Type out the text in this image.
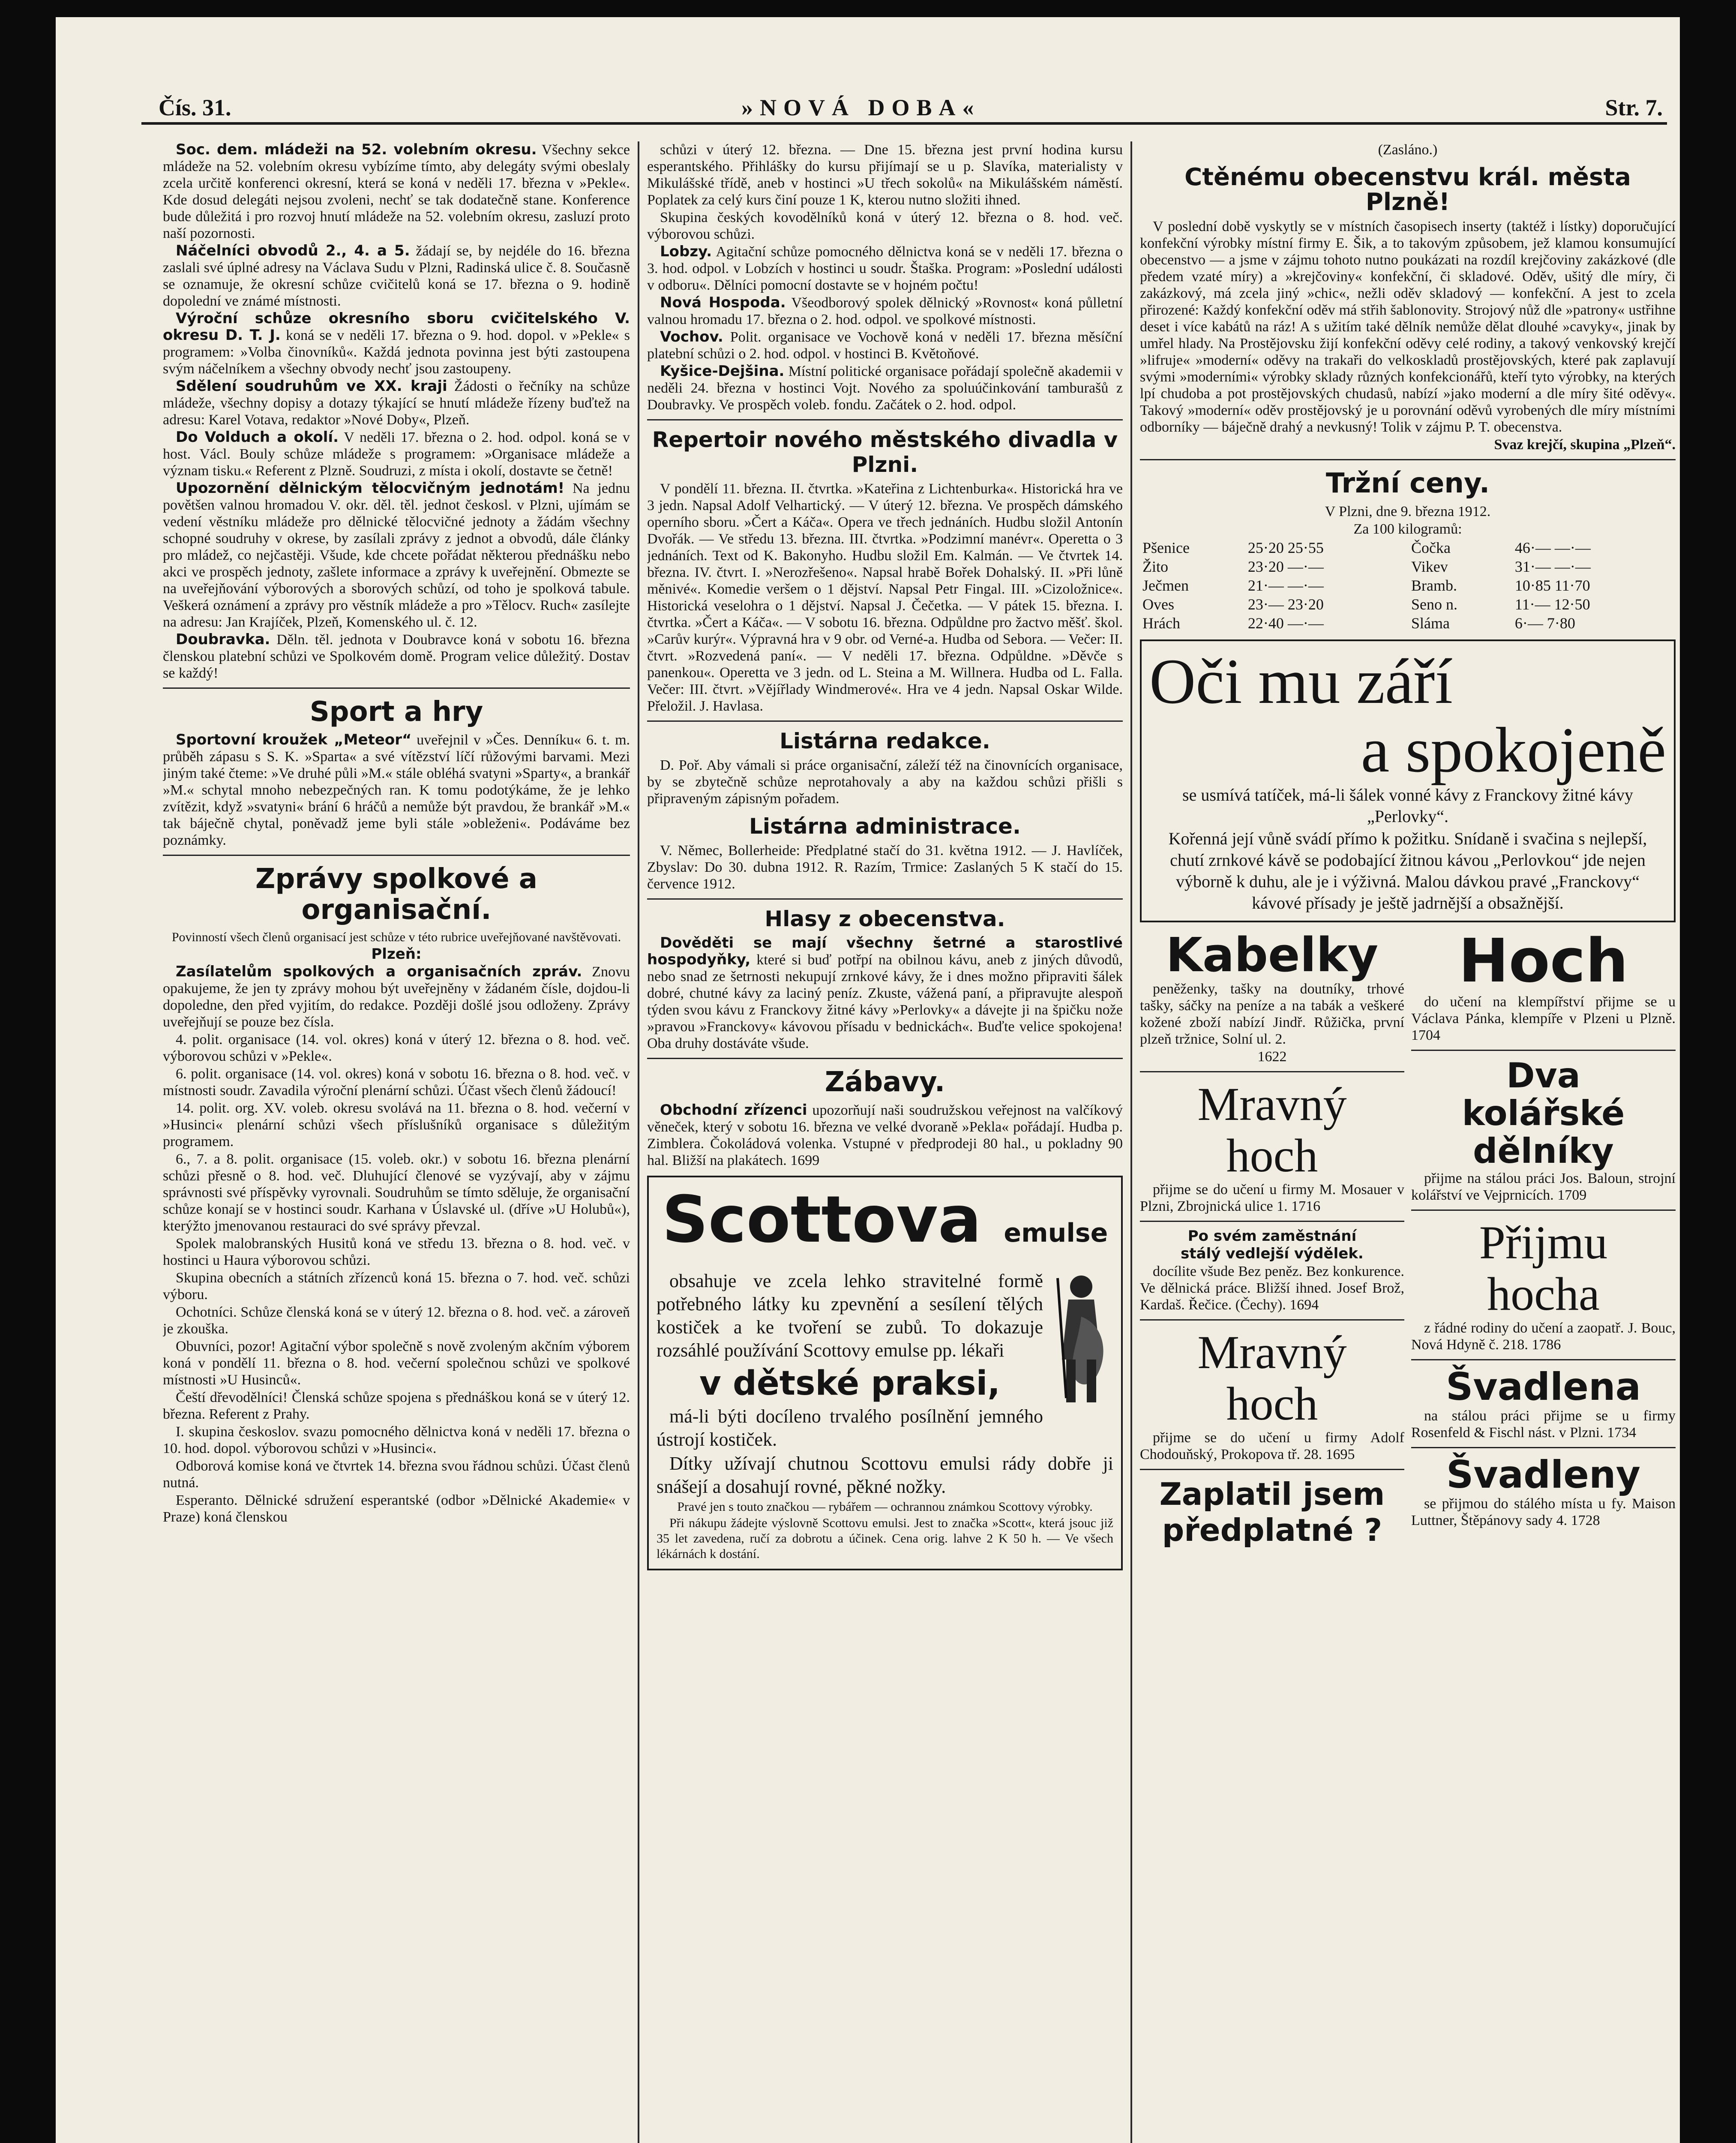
Čís. 31.	»NOVÁ DOBA«	Str. 7.

Soc. dem. mládeži na 52. volebním okresu. Všechny sekce mládeže na 52. volebním okresu vybízíme tímto, aby delegáty svými obeslaly zcela určitě konferenci okresní, která se koná v neděli 17. března v »Pekle«. Kde dosud delegáti nejsou zvoleni, nechť se tak dodatečně stane. Konference bude důležitá i pro rozvoj hnutí mládeže na 52. volebním okresu, zasluzí proto naší pozornosti.

Náčelníci obvodů 2., 4. a 5. žádají se, by nejdéle do 16. března zaslali své úplné adresy na Václava Sudu v Plzni, Radinská ulice č. 8. Současně se oznamuje, že okresní schůze cvičitelů koná se 17. března o 9. hodině dopolední ve známé místnosti.

Výroční schůze okresního sboru cvičitelského V. okresu D. T. J. koná se v neděli 17. března o 9. hod. dopol. v »Pekle« s programem: »Volba činovníků«. Každá jednota povinna jest býti zastoupena svým náčelníkem a všechny obvody nechť jsou zastoupeny.

Sdělení soudruhům ve XX. kraji Žádosti o řečníky na schůze mládeže, všechny dopisy a dotazy týkající se hnutí mládeže řízeny buďtež na adresu: Karel Votava, redaktor »Nové Doby«, Plzeň.

Do Volduch a okolí. V neděli 17. března o 2. hod. odpol. koná se v host. Václ. Bouly schůze mládeže s programem: »Organisace mládeže a význam tisku.« Referent z Plzně. Soudruzi, z místa i okolí, dostavte se četně!

Upozornění dělnickým tělocvičným jednotám! Na jednu povětšen valnou hromadou V. okr. děl. těl. jednot českosl. v Plzni, ujímám se vedení věstníku mládeže pro dělnické tělocvičné jednoty a žádám všechny schopné soudruhy v okrese, by zasílali zprávy z jednot a obvodů, dále články pro mládež, co nejčastěji. Všude, kde chcete pořádat některou přednášku nebo akci ve prospěch jednoty, zašlete informace a zprávy k uveřejnění. Obmezte se na uveřejňování výborových a sborových schůzí, od toho je spolková tabule. Veškerá oznámení a zprávy pro věstník mládeže a pro »Tělocv. Ruch« zasílejte na adresu: Jan Krajíček, Plzeň, Komenského ul. č. 12.

Doubravka. Děln. těl. jednota v Doubravce koná v sobotu 16. března členskou platební schůzi ve Spolkovém domě. Program velice důležitý. Dostav se každý!

Sport a hry

Sportovní kroužek „Meteor“ uveřejnil v »Čes. Denníku« 6. t. m. průběh zápasu s S. K. »Sparta« a své vítězství líčí růžovými barvami. Mezi jiným také čteme: »Ve druhé půli »M.« stále obléhá svatyni »Sparty«, a brankář »M.« schytal mnoho nebezpečných ran. K tomu podotýkáme, že je lehko zvítězit, když »svatyni« brání 6 hráčů a nemůže být pravdou, že brankář »M.« tak báječně chytal, poněvadž jeme byli stále »obleženi«. Podáváme bez poznámky.

Zprávy spolkové a organisační.

Povinností všech členů organisací jest schůze v této rubrice uveřejňované navštěvovati.

Plzeň:

Zasílatelům spolkových a organisačních zpráv. Znovu opakujeme, že jen ty zprávy mohou být uveřejněny v žádaném čísle, dojdou-li dopoledne, den před vyjitím, do redakce. Později došlé jsou odloženy. Zprávy uveřejňují se pouze bez čísla.

4. polit. organisace (14. vol. okres) koná v úterý 12. března o 8. hod. več. výborovou schůzi v »Pekle«.

6. polit. organisace (14. vol. okres) koná v sobotu 16. března o 8. hod. več. v místnosti soudr. Zavadila výroční plenární schůzi. Účast všech členů žádoucí!

14. polit. org. XV. voleb. okresu svolává na 11. března o 8. hod. večerní v »Husinci« plenární schůzi všech příslušníků organisace s důležitým programem.

6., 7. a 8. polit. organisace (15. voleb. okr.) v sobotu 16. března plenární schůzi přesně o 8. hod. več. Dluhující členové se vyzývají, aby v zájmu správnosti své příspěvky vyrovnali. Soudruhům se tímto sděluje, že organisační schůze konají se v hostinci soudr. Karhana v Úslavské ul. (dříve »U Holubů«), kterýžto jmenovanou restauraci do své správy převzal.

Spolek malobranských Husitů koná ve středu 13. března o 8. hod. več. v hostinci u Haura výborovou schůzi.

Skupina obecních a státních zřízenců koná 15. března o 7. hod. več. schůzi výboru.

Ochotníci. Schůze členská koná se v úterý 12. března o 8. hod. več. a zároveň je zkouška.

Obuvníci, pozor! Agitační výbor společně s nově zvoleným akčním výborem koná v pondělí 11. března o 8. hod. večerní společnou schůzi ve spolkové místnosti »U Husinců«.

Čeští dřevodělníci! Členská schůze spojena s přednáškou koná se v úterý 12. března. Referent z Prahy.

I. skupina českoslov. svazu pomocného dělnictva koná v neděli 17. března o 10. hod. dopol. výborovou schůzi v »Husinci«.

Odborová komise koná ve čtvrtek 14. března svou řádnou schůzi. Účast členů nutná.

Esperanto. Dělnické sdružení esperantské (odbor »Dělnické Akademie« v Praze) koná členskou

schůzi v úterý 12. března. — Dne 15. března jest první hodina kursu esperantského. Přihlášky do kursu přijímají se u p. Slavíka, materialisty v Mikulášské třídě, aneb v hostinci »U třech sokolů« na Mikulášském náměstí. Poplatek za celý kurs činí pouze 1 K, kterou nutno složiti ihned.

Skupina českých kovodělníků koná v úterý 12. března o 8. hod. več. výborovou schůzi.

Lobzy. Agitační schůze pomocného dělnictva koná se v neděli 17. března o 3. hod. odpol. v Lobzích v hostinci u soudr. Štaška. Program: »Poslední události v odboru«. Dělníci pomocní dostavte se v hojném počtu!

Nová Hospoda. Všeodborový spolek dělnický »Rovnost« koná půlletní valnou hromadu 17. března o 2. hod. odpol. ve spolkové místnosti.

Vochov. Polit. organisace ve Vochově koná v neděli 17. března měsíční platební schůzi o 2. hod. odpol. v hostinci B. Květoňové.

Kyšice-Dejšina. Místní politické organisace pořádají společně akademii v neděli 24. března v hostinci Vojt. Nového za spoluúčinkování tamburašů z Doubravky. Ve prospěch voleb. fondu. Začátek o 2. hod. odpol.

Repertoir nového městského divadla v Plzni.

V pondělí 11. března. II. čtvrtka. »Kateřina z Lichtenburka«. Historická hra ve 3 jedn. Napsal Adolf Velhartický. — V úterý 12. března. Ve prospěch dámského operního sboru. »Čert a Káča«. Opera ve třech jednáních. Hudbu složil Antonín Dvořák. — Ve středu 13. března. III. čtvrtka. »Podzimní manévr«. Operetta o 3 jednáních. Text od K. Bakonyho. Hudbu složil Em. Kalmán. — Ve čtvrtek 14. března. IV. čtvrt. I. »Nerozřešeno«. Napsal hrabě Bořek Dohalský. II. »Při lůně měnivé«. Komedie veršem o 1 dějství. Napsal Petr Fingal. III. »Cizoložnice«. Historická veselohra o 1 dějství. Napsal J. Čečetka. — V pátek 15. března. I. čtvrtka. »Čert a Káča«. — V sobotu 16. března. Odpůldne pro žactvo měšť. škol. »Carův kurýr«. Výpravná hra v 9 obr. od Verné-a. Hudba od Sebora. — Večer: II. čtvrt. »Rozvedená paní«. — V neděli 17. března. Odpůldne. »Děvče s panenkou«. Operetta ve 3 jedn. od L. Steina a M. Willnera. Hudba od L. Falla. Večer: III. čtvrt. »Vějířlady Windmerové«. Hra ve 4 jedn. Napsal Oskar Wilde. Přeložil. J. Havlasa.

Listárna redakce.

D. Poř. Aby vámali si práce organisační, záleží též na činovnících organisace, by se zbytečně schůze neprotahovaly a aby na každou schůzi přišli s připraveným zápisným pořadem.

Listárna administrace.

V. Němec, Bollerheide: Předplatné stačí do 31. května 1912. — J. Havlíček, Zbyslav: Do 30. dubna 1912. R. Razím, Trmice: Zaslaných 5 K stačí do 15. července 1912.

Hlasy z obecenstva.

Dověděti se mají všechny šetrné a starostlivé hospodyňky, které si buď potřpí na obilnou kávu, aneb z jiných důvodů, nebo snad ze šetrnosti nekupují zrnkové kávy, že i dnes možno připraviti šálek dobré, chutné kávy za laciný peníz. Zkuste, vážená paní, a připravujte alespoň týden svou kávu z Franckovy žitné kávy »Perlovky« a dávejte ji na špičku nože »pravou »Franckovy« kávovou přísadu v bednickách«. Buďte velice spokojena! Oba druhy dostáváte všude.

Zábavy.

Obchodní zřízenci upozorňují naši soudružskou veřejnost na valčíkový věneček, který v sobotu 16. března ve velké dvoraně »Pekla« pořádají. Hudba p. Zimblera. Čokoládová volenka. Vstupné v předprodeji 80 hal., u pokladny 90 hal. Bližší na plakátech. 1699

Scottova emulse

obsahuje ve zcela lehko stravitelné formě potřebného látky ku zpevnění a sesílení tělých kostiček a ke tvoření se zubů. To dokazuje rozsáhlé používání Scottovy emulse pp. lékaři

v dětské praksi,

má-li býti docíleno trvalého posílnění jemného ústrojí kostiček.

Dítky užívají chutnou Scottovu emulsi rády dobře ji snášejí a dosahují rovné, pěkné nožky.

Pravé jen s touto značkou — rybářem — ochrannou známkou Scottovy výrobky.

Při nákupu žádejte výslovně Scottovu emulsi. Jest to značka »Scott«, která jsouc již 35 let zavedena, ručí za dobrotu a účinek. Cena orig. lahve 2 K 50 h. — Ve všech lékárnách k dostání.

(Zasláno.)

Ctěnému obecenstvu král. města Plzně!

V poslední době vyskytly se v místních časopisech inserty (taktéž i lístky) doporučující konfekční výrobky místní firmy E. Šik, a to takovým způsobem, jež klamou konsumující obecenstvo — a jsme v zájmu tohoto nutno poukázati na rozdíl krejčoviny zakázkové (dle předem vzaté míry) a »krejčoviny« konfekční, či skladové. Oděv, ušitý dle míry, či zakázkový, má zcela jiný »chic«, nežli oděv skladový — konfekční. A jest to zcela přirozené: Každý konfekční oděv má střih šablonovity. Strojový nůž dle »patrony« ustřihne deset i více kabátů na ráz! A s užitím také dělník nemůže dělat dlouhé »cavyky«, jinak by umřel hlady. Na Prostějovsku žijí konfekční oděvy celé rodiny, a takový venkovský krejčí »lifruje« »moderní« oděvy na trakaři do velkoskladů prostějovských, které pak zaplavují svými »moderními« výrobky sklady různých konfekcionářů, kteří tyto výrobky, na kterých lpí chudoba a pot prostějovských chudasů, nabízí »jako moderní a dle míry šité oděvy«. Takový »moderní« oděv prostějovský je u porovnání oděvů vyrobených dle míry místními odborníky — báječně drahý a nevkusný! Tolik v zájmu P. T. obecenstva.

Svaz krejčí, skupina „Plzeň“.

Tržní ceny.

V Plzni, dne 9. března 1912.

Za 100 kilogramů:

Pšenice	25·20 25·55	Čočka	46·— —·—
Žito	23·20 —·—	Vikev	31·— —·—
Ječmen	21·— —·—	Bramb.	10·85 11·70
Oves	23·— 23·20	Seno n.	11·— 12·50
Hrách	22·40 —·—	Sláma	6·— 7·80
Oči mu září
a spokojeně

se usmívá tatíček, má-li šálek vonné kávy z Franckovy žitné kávy „Perlovky“.

Kořenná její vůně svádí přímo k požitku. Snídaně i svačina s nejlepší, chutí zrnkové kávě se podobající žitnou kávou „Perlovkou“ jde nejen výborně k duhu, ale je i výživná. Malou dávkou pravé „Franckovy“ kávové přísady je ještě jadrnější a obsažnější.

Kabelky

peněženky, tašky na doutníky, trhové tašky, sáčky na peníze a na tabák a veškeré kožené zboží nabízí Jindř. Růžička, první plzeň tržnice, Solní ul. 2.

1622

Mravný
hoch

přijme se do učení u firmy M. Mosauer v Plzni, Zbrojnická ulice 1. 1716

Po svém zaměstnání

stálý vedlejší výdělek.

docílite všude Bez peněz. Bez konkurence. Ve dělnická práce. Bližší ihned. Josef Brož, Kardaš. Řečice. (Čechy). 1694

Mravný
hoch

přijme se do učení u firmy Adolf Chodouňský, Prokopova tř. 28. 1695

Zaplatil jsem
předplatné ?
Hoch

do učení na klempířství přijme se u Václava Pánka, klempíře v Plzeni u Plzně. 1704

Dva
kolářské
dělníky

přijme na stálou práci Jos. Baloun, strojní kolářství ve Vejprnicích. 1709

Přijmu
hocha

z řádné rodiny do učení a zaopatř. J. Bouc, Nová Hdyně č. 218. 1786

Švadlena

na stálou práci přijme se u firmy Rosenfeld & Fischl nást. v Plzni. 1734

Švadleny

se přijmou do stálého místa u fy. Maison Luttner, Štěpánovy sady 4. 1728
